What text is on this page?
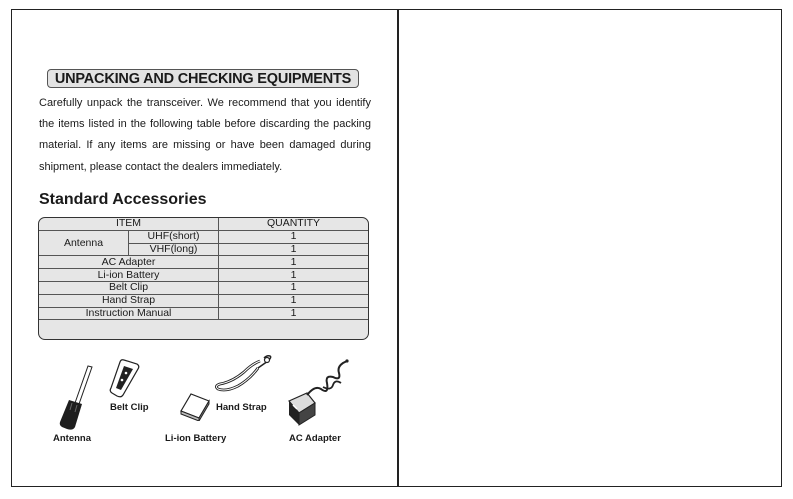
UNPACKING AND CHECKING EQUIPMENTS
Carefully unpack the transceiver. We recommend that you identify the items listed in the following table before discarding the packing material. If any items are missing or have been damaged during shipment, please contact the dealers immediately.
Standard Accessories
ITEM		QUANTITY
Antenna	UHF(short)	1
	VHF(long)	1
AC Adapter		1
Li-ion Battery		1
Belt Clip		1
Hand Strap		1
Instruction Manual		1
Antenna
Belt Clip
Li-ion Battery
Hand Strap
AC Adapter
